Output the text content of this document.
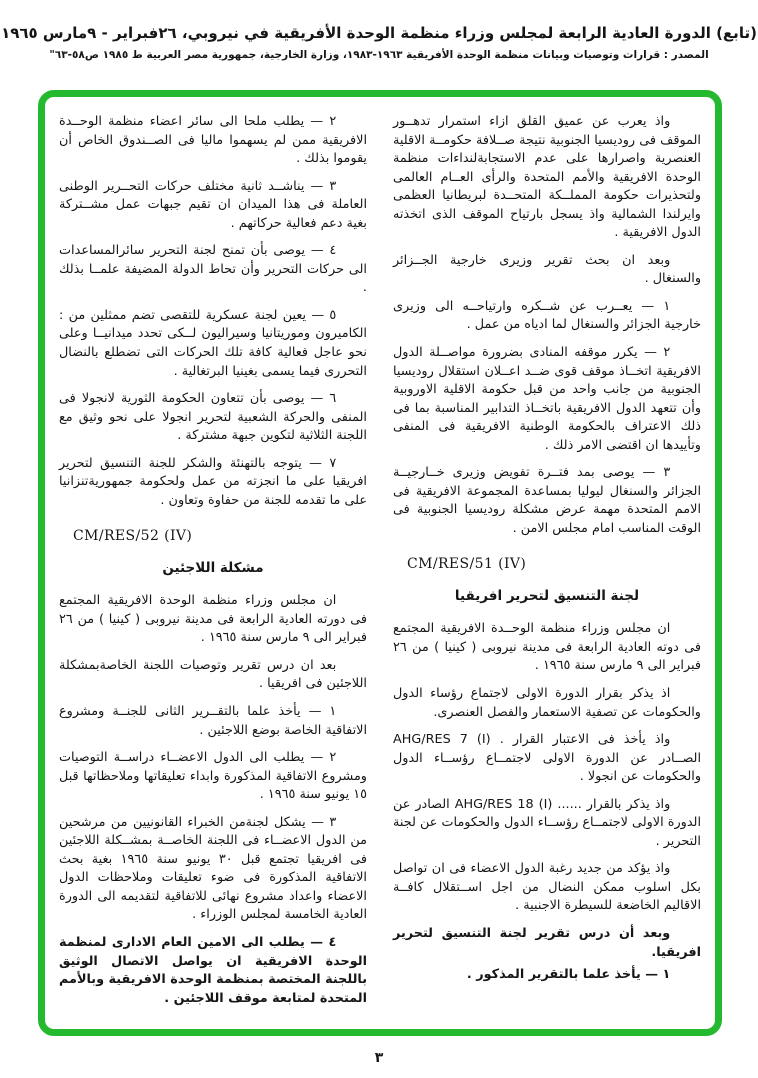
(تابع) الدورة العادية الرابعة لمجلس وزراء منظمة الوحدة الأفريقية في نيروبي، ٢٦فبراير - ٩مارس ١٩٦٥
المصدر : قرارات وتوصيات وبيانات منظمة الوحدة الأفريقية ١٩٦٣-١٩٨٣، وزارة الخارجية، جمهورية مصر العربية ط ١٩٨٥ ص٥٨-٦٣"

واذ يعرب عن عميق القلق ازاء استمرار تدهــور الموقف فى روديسيا الجنوبية نتيجة صــلافة حكومــة الاقلية العنصرية واصرارها على عدم الاستجابةلنداءات منظمة الوحدة الافريقية والأمم المتحدة والرأى العــام العالمى ولتحذيرات حكومة المملــكة المتحــدة لبريطانيا العظمى وايرلندا الشمالية واذ يسجل بارتياح الموقف الذى اتخذته الدول الافريقية .

وبعد ان بحث تقرير وزيرى خارجية الجــزائر والسنغال .

١ — يعــرب عن شــكره وارتياحــه الى وزيرى خارجية الجزائر والسنغال لما ادياه من عمل .

٢ — يكرر موقفه المنادى بضرورة مواصــلة الدول الافريقية اتخــاذ موقف قوى ضــد اعــلان استقلال روديسيا الجنوبية من جانب واحد من قبل حكومة الاقلية الاوروبية وأن تتعهد الدول الافريقية باتخــاذ التدابير المناسبة بما فى ذلك الاعتراف بالحكومة الوطنية الافريقية فى المنفى وتأييدها ان اقتضى الامر ذلك .

٣ — يوصى بمد فتــرة تفويض وزيرى خــارجيــة الجزائر والسنغال ليوليا بمساعدة المجموعة الافريقية فى الامم المتحدة مهمة عرض مشكلة روديسيا الجنوبية فى الوقت المناسب امام مجلس الامن .

CM/RES/51 (IV)
لجنة التنسيق لتحرير افريقيا

ان مجلس وزراء منظمة الوحــدة الافريقية المجتمع فى دوته العادية الرابعة فى مدينة نيروبى ( كينيا ) من ٢٦ فبراير الى ٩ مارس سنة ١٩٦٥ .

اذ يذكر بقرار الدورة الاولى لاجتماع رؤساء الدول والحكومات عن تصفية الاستعمار والفصل العنصرى.

واذ يأخذ فى الاعتبار القرار . AHG/RES 7 (I) الصــادر عن الدورة الاولى لاجتمــاع رؤســاء الدول والحكومات عن انجولا .

واذ يذكر بالقرار ...... AHG/RES 18 (I) الصادر عن الدورة الاولى لاجتمــاع رؤســاء الدول والحكومات عن لجنة التحرير .

واذ يؤكد من جديد رغبة الدول الاعضاء فى ان تواصل بكل اسلوب ممكن النضال من اجل اســتقلال كافــة الاقاليم الخاضعة للسيطرة الاجنبية .

وبعد أن درس تقرير لجنة التنسيق لتحرير افريقيا.

١ — يأخذ علما بالتقرير المذكور .

٢ — يطلب ملحا الى سائر اعضاء منظمة الوحــدة الافريقية ممن لم يسهموا ماليا فى الصــندوق الخاص أن يقوموا بذلك .

٣ — يناشــد ثانية مختلف حركات التحــرير الوطنى العاملة فى هذا الميدان ان تقيم جبهات عمل مشــتركة بغية دعم فعالية حركاتهم .

٤ — يوصى بأن تمنح لجنة التحرير سائرالمساعدات الى حركات التحرير وأن تحاط الدولة المضيفة علمــا بذلك .

٥ — يعين لجنة عسكرية للتقصى تضم ممثلين من : الكاميرون وموريتانيا وسيراليون لــكى تحدد ميدانيــا وعلى نحو عاجل فعالية كافة تلك الحركات التى تضطلع بالنضال التحررى فيما يسمى بغينيا البرتغالية .

٦ — يوصى بأن تتعاون الحكومة الثورية لانجولا فى المنفى والحركة الشعبية لتحرير انجولا على نحو وثيق مع اللجنة الثلاثية لتكوين جبهة مشتركة .

٧ — يتوجه بالتهنئة والشكر للجنة التنسيق لتحرير افريقيا على ما انجزته من عمل ولحكومة جمهوريةتنزانيا على ما تقدمه للجنة من حفاوة وتعاون .

CM/RES/52 (IV)
مشكلة اللاجئين

ان مجلس وزراء منظمة الوحدة الافريقية المجتمع فى دورته العادية الرابعة فى مدينة نيروبى ( كينيا ) من ٢٦ فبراير الى ٩ مارس سنة ١٩٦٥ .

بعد ان درس تقرير وتوصيات اللجنة الخاصةبمشكلة اللاجئين فى افريقيا .

١ — يأخذ علما بالتقــرير الثانى للجنــة ومشروع الاتفاقية الخاصة بوضع اللاجئين .

٢ — يطلب الى الدول الاعضــاء دراســة التوصيات ومشروع الاتفاقية المذكورة وابداء تعليقاتها وملاحظاتها قبل ١٥ يونيو سنة ١٩٦٥ .

٣ — يشكل لجنةمن الخبراء القانونيين من مرشحين من الدول الاعضــاء فى اللجنة الخاصــة بمشــكلة اللاجئين فى افريقيا تجتمع قبل ٣٠ يونيو سنة ١٩٦٥ بغية بحث الاتفاقية المذكورة فى ضوء تعليقات وملاحظات الدول الاعضاء واعداد مشروع نهائى للاتفاقية لتقديمه الى الدورة العادية الخامسة لمجلس الوزراء .

٤ — يطلب الى الامين العام الادارى لمنظمة الوحدة الافريقية ان يواصل الاتصال الوثيق باللجنة المختصة بمنظمة الوحدة الافريقية وبالأمم المتحدة لمتابعة موقف اللاجئين .

٣
